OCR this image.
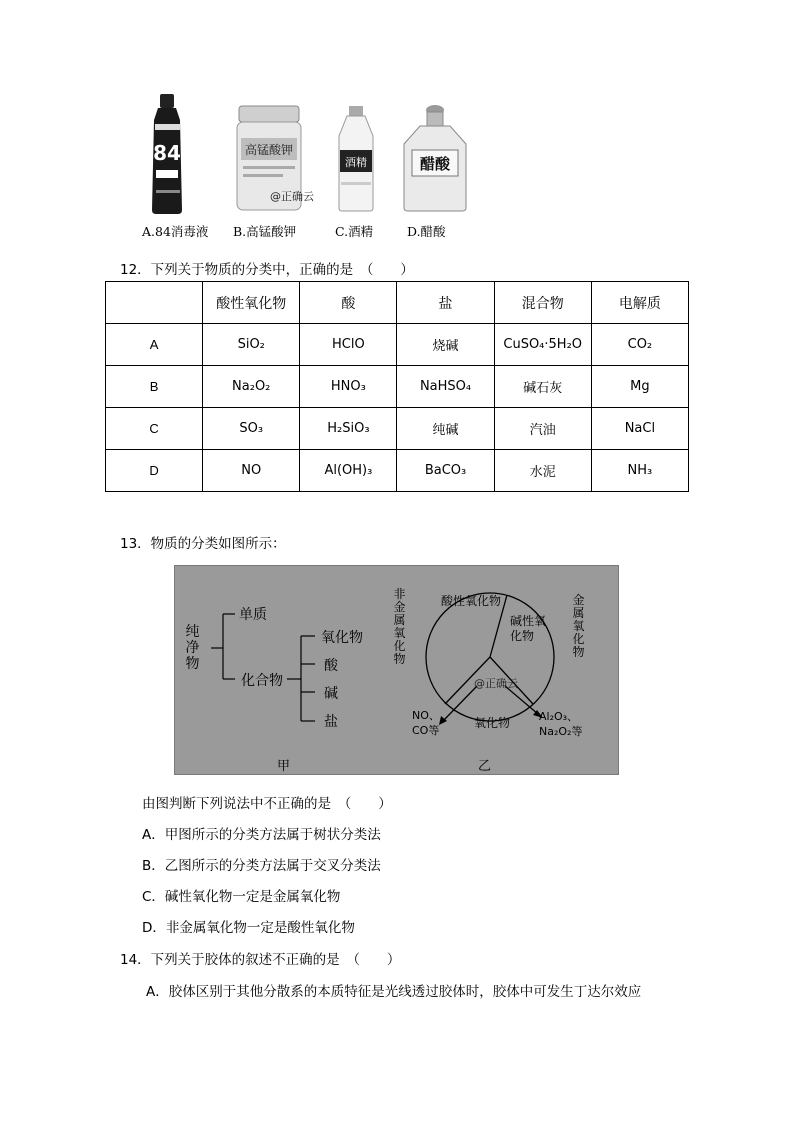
84	高锰酸钾
@正确云
酒精	醋酸
A.84消毒液 B.高锰酸钾	C.酒精	D.醋酸
12．下列关于物质的分类中，正确的是　（　　）
	酸性氧化物	酸	盐	混合物	电解质
A	SiO₂	HClO	烧碱	CuSO₄·5H₂O	CO₂
B	Na₂O₂	HNO₃	NaHSO₄	碱石灰	Mg
C	SO₃	H₂SiO₃	纯碱	汽油	NaCl
D	NO	Al(OH)₃	BaCO₃	水泥	NH₃
13．物质的分类如图所示：
纯净物
单质
化合物
氧化物
酸
碱
盐
甲
非金属氧化物
金属氧化物
酸性氧化物
碱性氧化物
@正确云
NO、
CO等
氧化物	Al₂O₃、
Na₂O₂等
乙
由图判断下列说法中不正确的是　（　　）
A．甲图所示的分类方法属于树状分类法
B．乙图所示的分类方法属于交叉分类法
C．碱性氧化物一定是金属氧化物
D．非金属氧化物一定是酸性氧化物
14．下列关于胶体的叙述不正确的是　（　　）
A．胶体区别于其他分散系的本质特征是光线透过胶体时，胶体中可发生丁达尔效应
